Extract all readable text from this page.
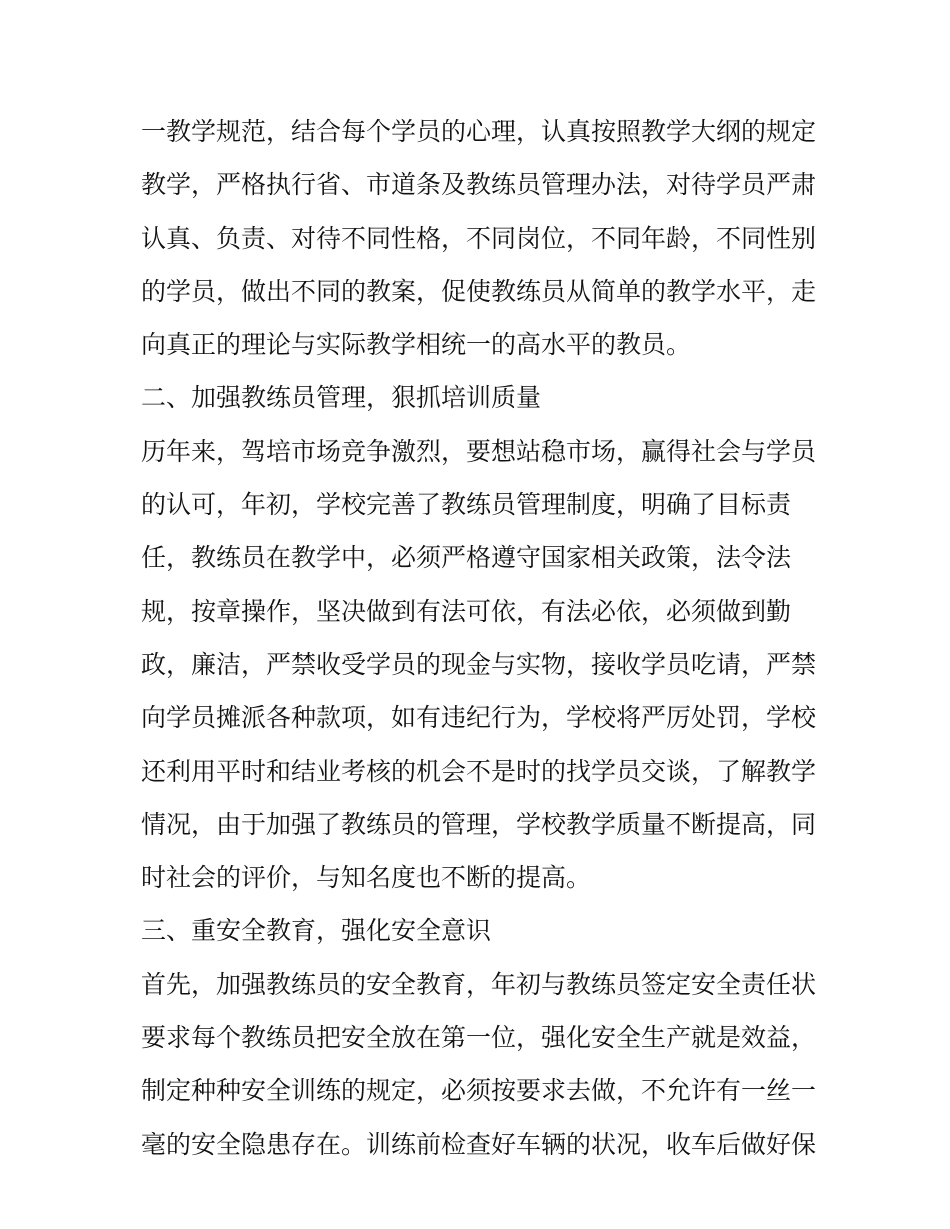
一教学规范，结合每个学员的心理，认真按照教学大纲的规定
教学，严格执行省、市道条及教练员管理办法，对待学员严肃
认真、负责、对待不同性格，不同岗位，不同年龄，不同性别
的学员，做出不同的教案，促使教练员从简单的教学水平，走
向真正的理论与实际教学相统一的高水平的教员。
二、加强教练员管理，狠抓培训质量
历年来，驾培市场竞争激烈，要想站稳市场，赢得社会与学员
的认可，年初，学校完善了教练员管理制度，明确了目标责
任，教练员在教学中，必须严格遵守国家相关政策，法令法
规，按章操作，坚决做到有法可依，有法必依，必须做到勤
政，廉洁，严禁收受学员的现金与实物，接收学员吃请，严禁
向学员摊派各种款项，如有违纪行为，学校将严厉处罚，学校
还利用平时和结业考核的机会不是时的找学员交谈，了解教学
情况，由于加强了教练员的管理，学校教学质量不断提高，同
时社会的评价，与知名度也不断的提高。
三、重安全教育，强化安全意识
首先，加强教练员的安全教育，年初与教练员签定安全责任状
要求每个教练员把安全放在第一位，强化安全生产就是效益，
制定种种安全训练的规定，必须按要求去做，不允许有一丝一
毫的安全隐患存在。训练前检查好车辆的状况，收车后做好保
